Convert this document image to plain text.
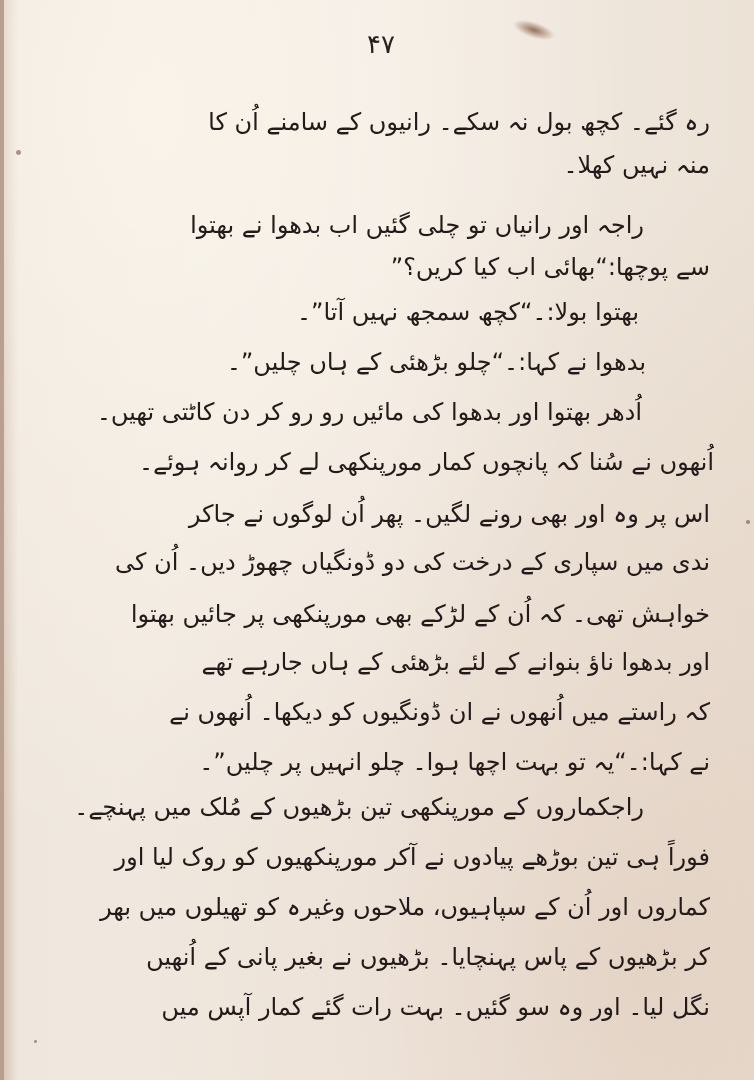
۴۷
رہ گئے۔ کچھ بول نہ سکے۔ رانیوں کے سامنے اُن کا
منہ نہیں کھلا۔
راجہ اور رانیاں تو چلی گئیں اب بدھوا نے بھتوا
سے پوچھا:“بھائی اب کیا کریں؟”
بھتوا بولا:۔“کچھ سمجھ نہیں آتا”۔
بدھوا نے کہا:۔“چلو بڑھئی کے ہاں چلیں”۔
اُدھر بھتوا اور بدھوا کی مائیں رو رو کر دن کاٹتی تھیں۔
اُنھوں نے سُنا کہ پانچوں کمار مورپنکھی لے کر روانہ ہوئے۔
اس پر وہ اور بھی رونے لگیں۔ پھر اُن لوگوں نے جاکر
ندی میں سپاری کے درخت کی دو ڈونگیاں چھوڑ دیں۔ اُن کی
خواہش تھی۔ کہ اُن کے لڑکے بھی مورپنکھی پر جائیں بھتوا
اور بدھوا ناؤ بنوانے کے لئے بڑھئی کے ہاں جارہے تھے
کہ راستے میں اُنھوں نے ان ڈونگیوں کو دیکھا۔ اُنھوں نے
نے کہا:۔“یہ تو بہت اچھا ہوا۔ چلو انہیں پر چلیں”۔
راجکماروں کے مورپنکھی تین بڑھیوں کے مُلک میں پہنچے۔
فوراً ہی تین بوڑھے پیادوں نے آکر مورپنکھیوں کو روک لیا اور
کماروں اور اُن کے سپاہیوں، ملاحوں وغیرہ کو تھیلوں میں بھر
کر بڑھیوں کے پاس پہنچایا۔ بڑھیوں نے بغیر پانی کے اُنھیں
نگل لیا۔ اور وہ سو گئیں۔ بہت رات گئے کمار آپس میں
